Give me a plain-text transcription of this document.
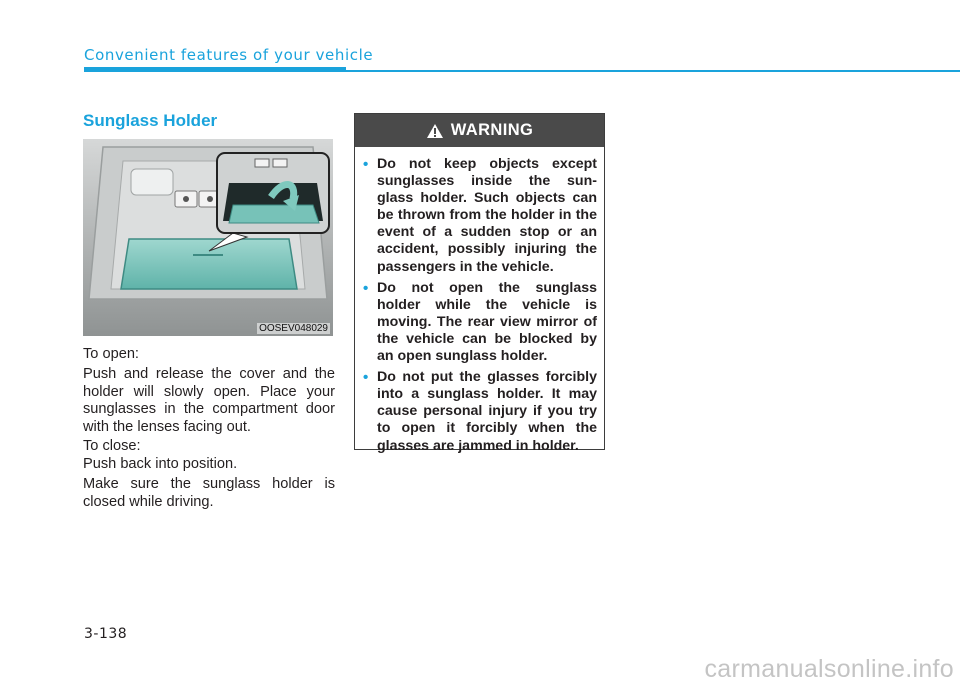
Convenient features of your vehicle
Sunglass Holder
OOSEV048029
To open:
Push and release the cover and the holder will slowly open. Place your sunglasses in the compartment door with the lenses facing out.
To close:
Push back into position.
Make sure the sunglass holder is closed while driving.
WARNING
• Do not keep objects except sunglasses inside the sun- glass holder. Such objects can be thrown from the holder in the event of a sudden stop or an accident, possibly injuring the passengers in the vehicle.
• Do not open the sunglass holder while the vehicle is moving. The rear view mirror of the vehicle can be blocked by an open sunglass holder.
• Do not put the glasses forcibly into a sunglass holder. It may cause personal injury if you try to open it forcibly when the glasses are jammed in holder.
3-138
carmanualsonline.info
